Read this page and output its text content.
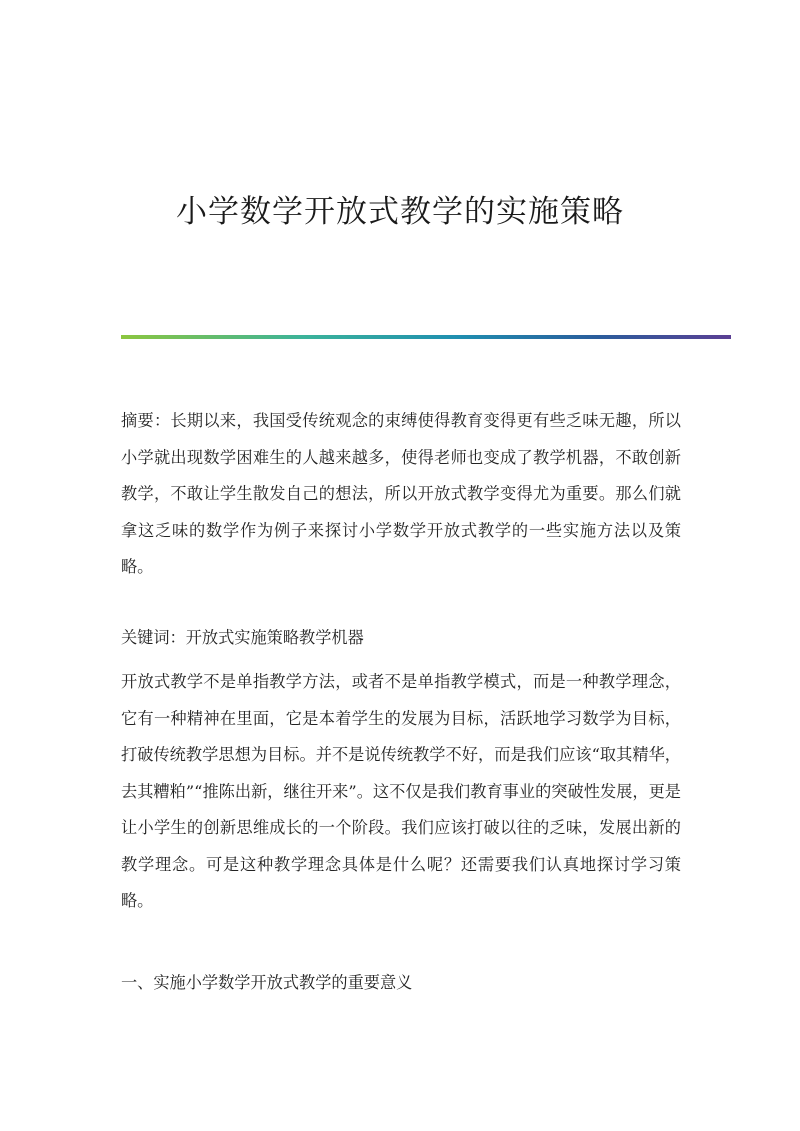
小学数学开放式教学的实施策略

摘要：长期以来，我国受传统观念的束缚使得教育变得更有些乏味无趣，所以小学就出现数学困难生的人越来越多，使得老师也变成了教学机器，不敢创新教学，不敢让学生散发自己的想法，所以开放式教学变得尤为重要。那么们就拿这乏味的数学作为例子来探讨小学数学开放式教学的一些实施方法以及策略。

关键词：开放式实施策略教学机器

开放式教学不是单指教学方法，或者不是单指教学模式，而是一种教学理念，它有一种精神在里面，它是本着学生的发展为目标，活跃地学习数学为目标，打破传统教学思想为目标。并不是说传统教学不好，而是我们应该“取其精华，去其糟粕”“推陈出新，继往开来”。这不仅是我们教育事业的突破性发展，更是让小学生的创新思维成长的一个阶段。我们应该打破以往的乏味，发展出新的教学理念。可是这种教学理念具体是什么呢？还需要我们认真地探讨学习策略。

一、实施小学数学开放式教学的重要意义
